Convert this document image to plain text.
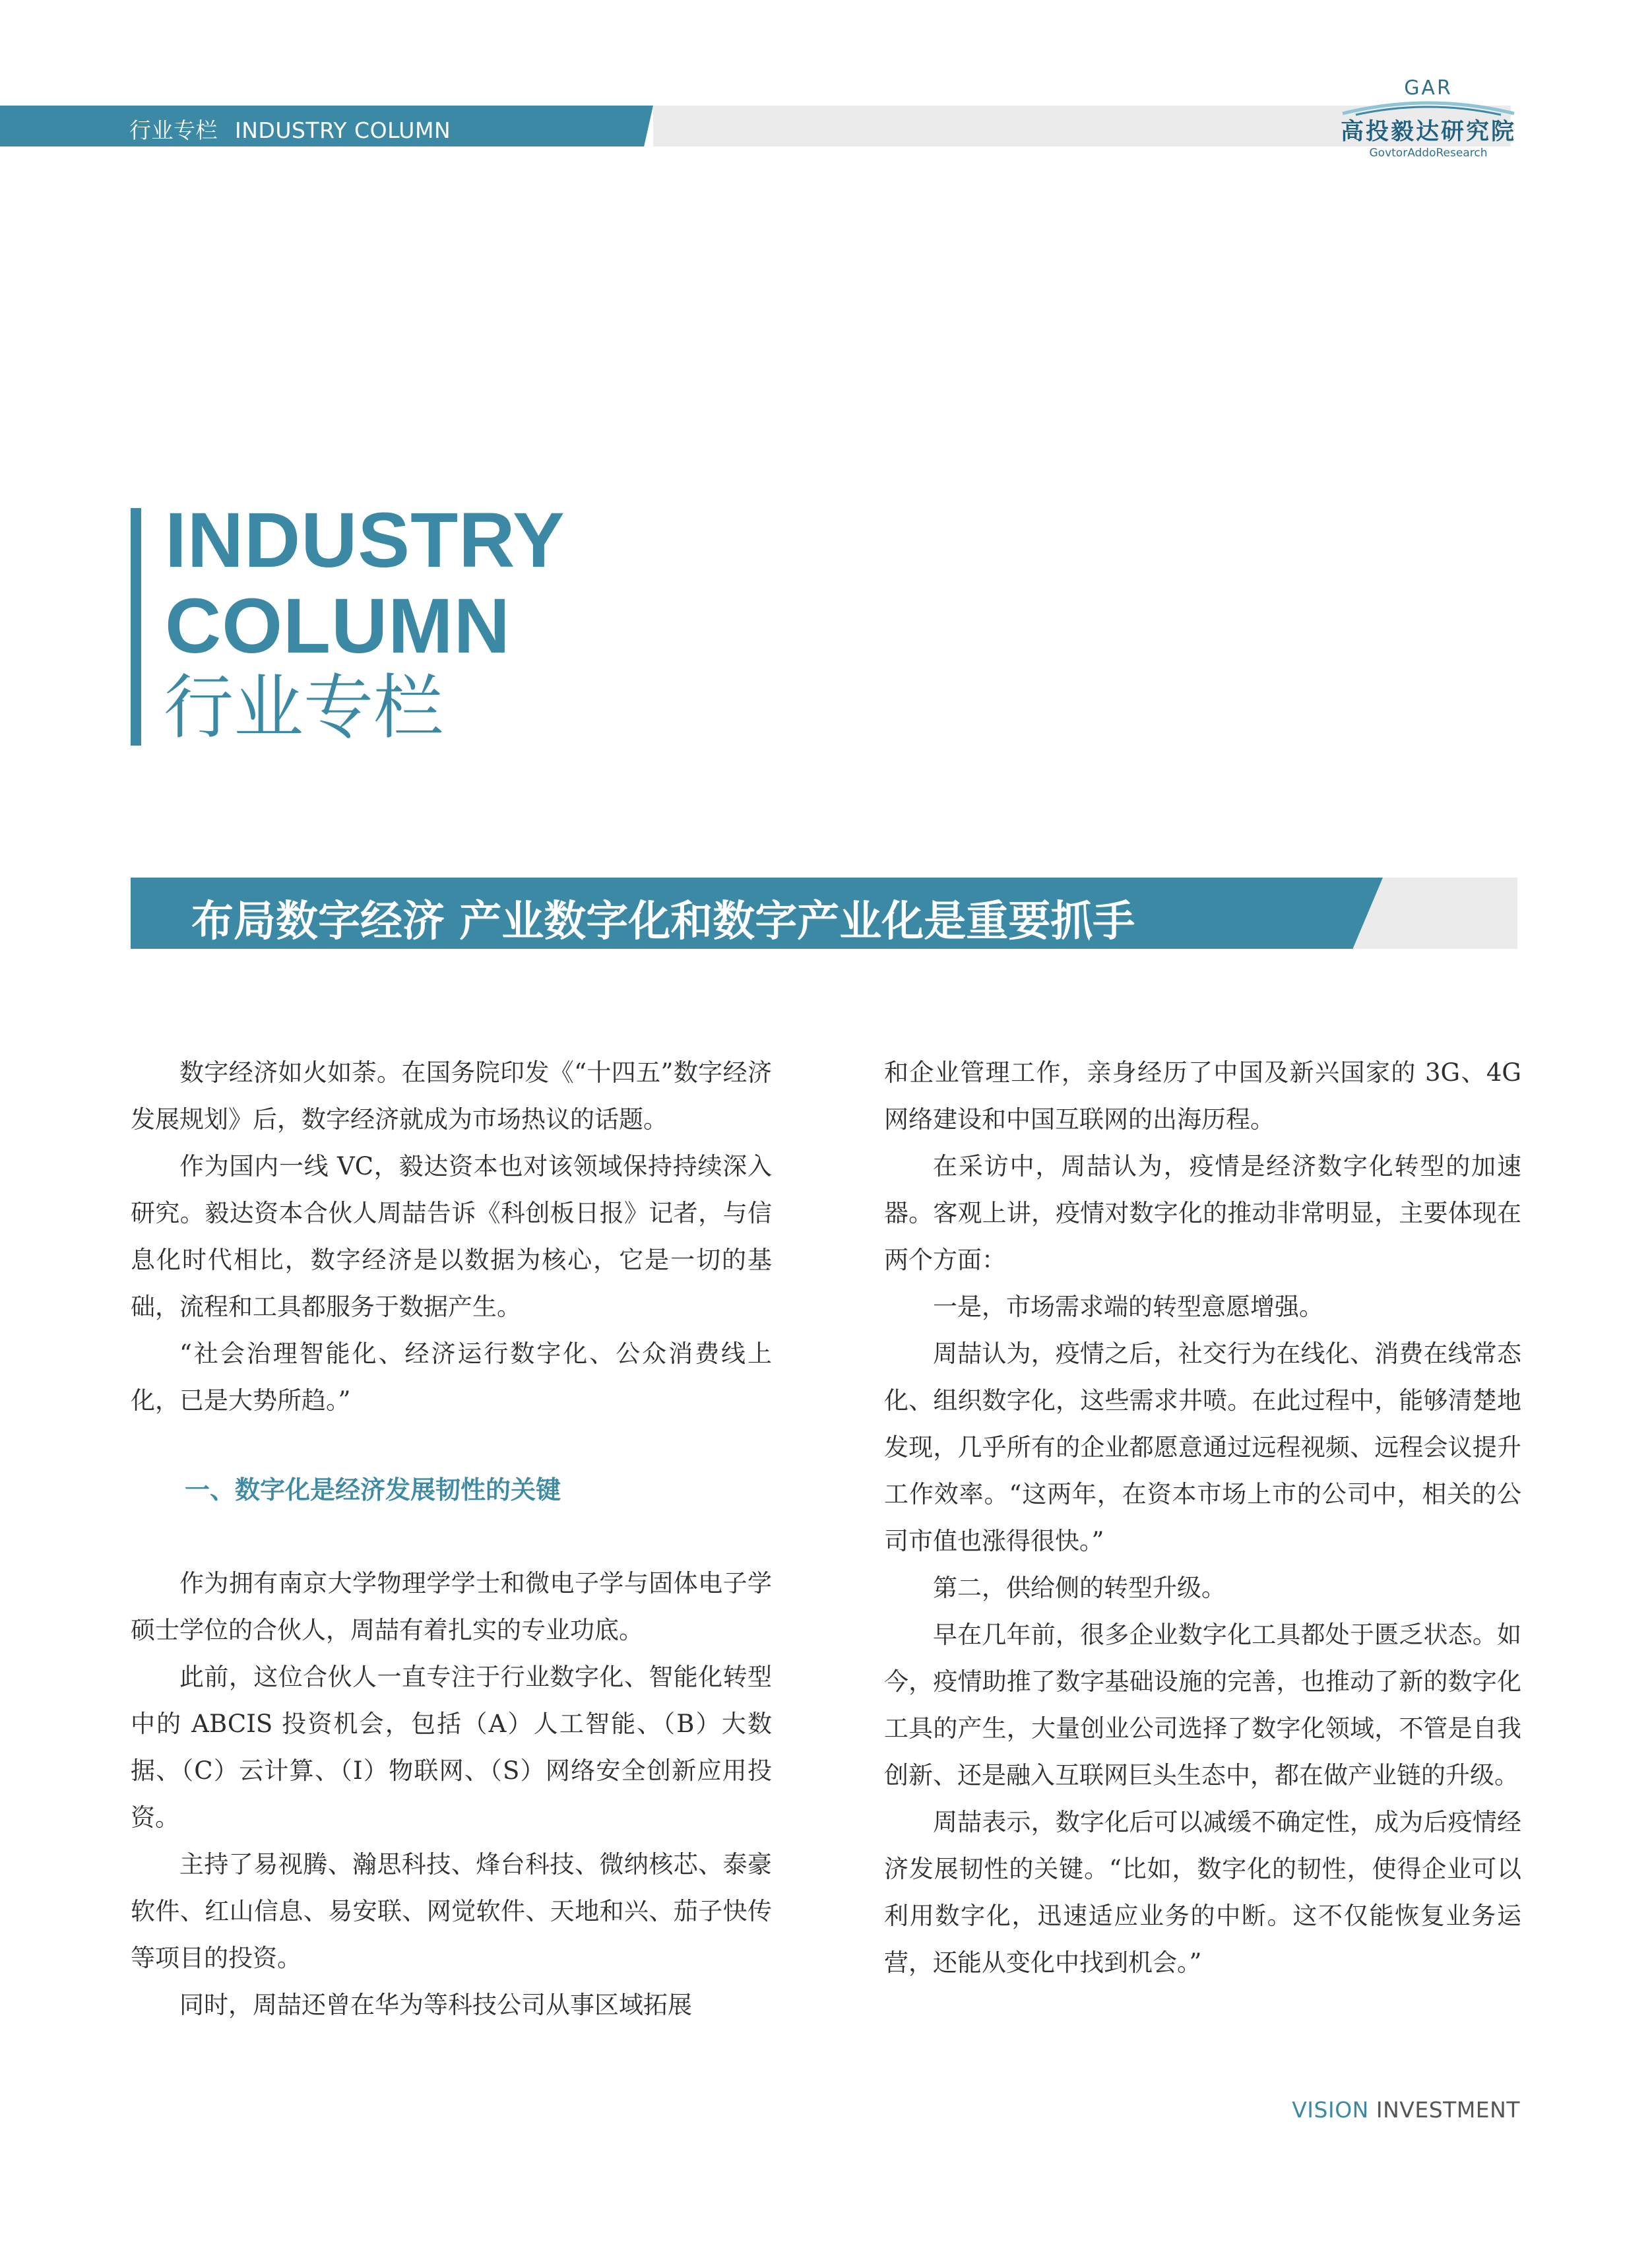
行业专栏 INDUSTRY COLUMN
GAR
高投毅达研究院
GovtorAddoResearch
INDUSTRY
COLUMN
行业专栏
布局数字经济 产业数字化和数字产业化是重要抓手

数字经济如火如荼。在国务院印发《“十四五”数字经济发展规划》后，数字经济就成为市场热议的话题。

作为国内一线 VC，毅达资本也对该领域保持持续深入研究。毅达资本合伙人周喆告诉《科创板日报》记者，与信息化时代相比，数字经济是以数据为核心，它是一切的基础，流程和工具都服务于数据产生。

“社会治理智能化、经济运行数字化、公众消费线上化，已是大势所趋。”

一、数字化是经济发展韧性的关键

作为拥有南京大学物理学学士和微电子学与固体电子学硕士学位的合伙人，周喆有着扎实的专业功底。

此前，这位合伙人一直专注于行业数字化、智能化转型中的 ABCIS 投资机会，包括（A）人工智能、（B）大数据、（C）云计算、（I）物联网、（S）网络安全创新应用投资。

主持了易视腾、瀚思科技、烽台科技、微纳核芯、泰豪软件、红山信息、易安联、网觉软件、天地和兴、茄子快传等项目的投资。

同时，周喆还曾在华为等科技公司从事区域拓展

和企业管理工作，亲身经历了中国及新兴国家的 3G、4G 网络建设和中国互联网的出海历程。

在采访中，周喆认为，疫情是经济数字化转型的加速器。客观上讲，疫情对数字化的推动非常明显，主要体现在两个方面：

一是，市场需求端的转型意愿增强。

周喆认为，疫情之后，社交行为在线化、消费在线常态化、组织数字化，这些需求井喷。在此过程中，能够清楚地发现，几乎所有的企业都愿意通过远程视频、远程会议提升工作效率。“这两年，在资本市场上市的公司中，相关的公司市值也涨得很快。”

第二，供给侧的转型升级。

早在几年前，很多企业数字化工具都处于匮乏状态。如今，疫情助推了数字基础设施的完善，也推动了新的数字化工具的产生，大量创业公司选择了数字化领域，不管是自我创新、还是融入互联网巨头生态中，都在做产业链的升级。

周喆表示，数字化后可以减缓不确定性，成为后疫情经济发展韧性的关键。“比如，数字化的韧性，使得企业可以利用数字化，迅速适应业务的中断。这不仅能恢复业务运营，还能从变化中找到机会。”

VISION INVESTMENT
